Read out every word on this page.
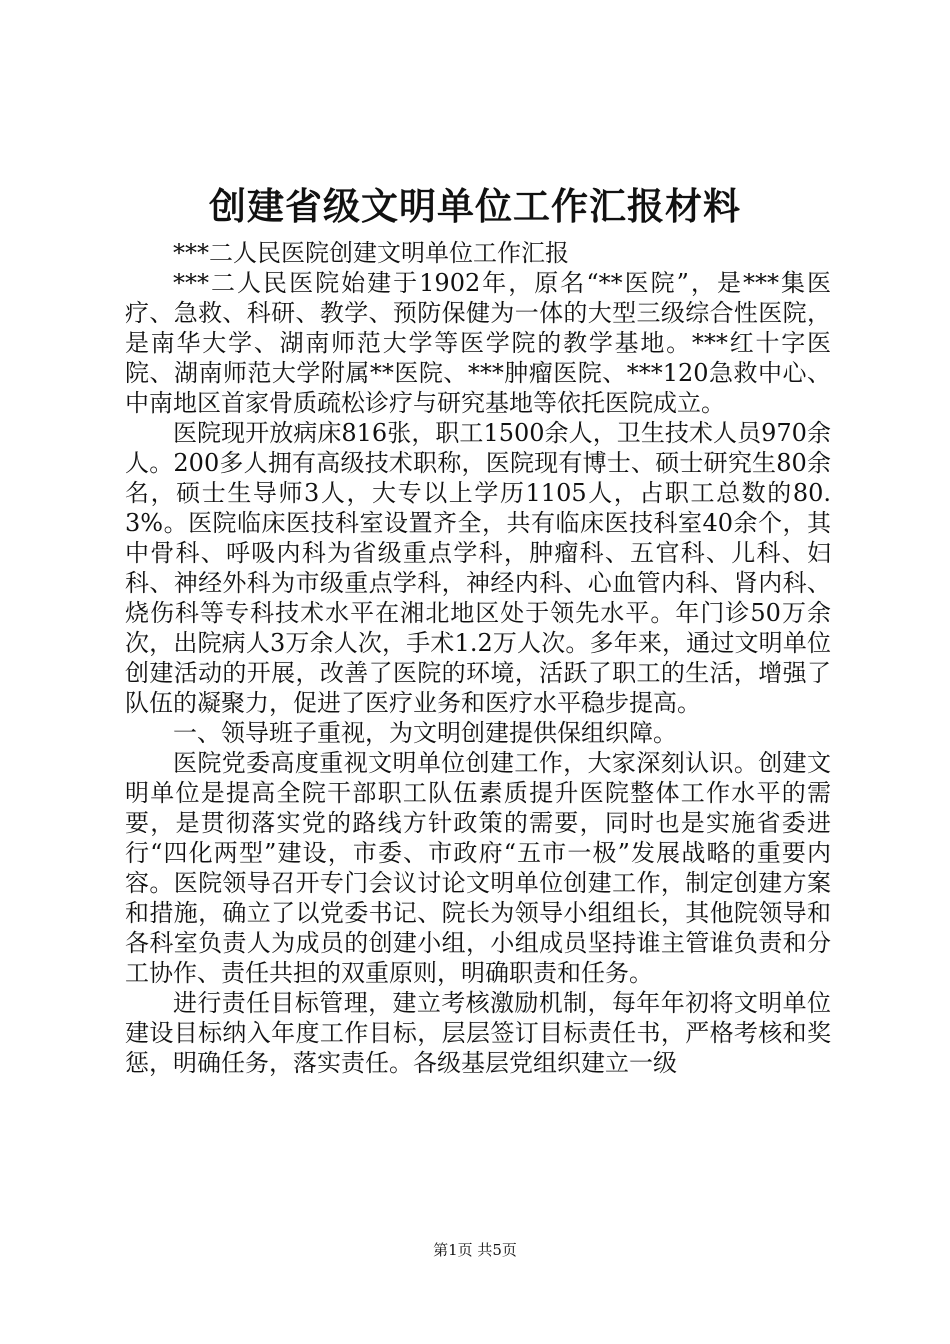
创建省级文明单位工作汇报材料

***二人民医院创建文明单位工作汇报

***二人民医院始建于1902年，原名“**医院”，是***集医疗、急救、科研、教学、预防保健为一体的大型三级综合性医院，是南华大学、湖南师范大学等医学院的教学基地。***红十字医院、湖南师范大学附属**医院、***肿瘤医院、***120急救中心、中南地区首家骨质疏松诊疗与研究基地等依托医院成立。

医院现开放病床816张，职工1500余人，卫生技术人员970余人。200多人拥有高级技术职称，医院现有博士、硕士研究生80余名，硕士生导师3人，大专以上学历1105人，占职工总数的80.3%。医院临床医技科室设置齐全，共有临床医技科室40余个，其中骨科、呼吸内科为省级重点学科，肿瘤科、五官科、儿科、妇科、神经外科为市级重点学科，神经内科、心血管内科、肾内科、烧伤科等专科技术水平在湘北地区处于领先水平。年门诊50万余次，出院病人3万余人次，手术1.2万人次。多年来，通过文明单位创建活动的开展，改善了医院的环境，活跃了职工的生活，增强了队伍的凝聚力，促进了医疗业务和医疗水平稳步提高。

一、领导班子重视，为文明创建提供保组织障。

医院党委高度重视文明单位创建工作，大家深刻认识。创建文明单位是提高全院干部职工队伍素质提升医院整体工作水平的需要，是贯彻落实党的路线方针政策的需要，同时也是实施省委进行“四化两型”建设，市委、市政府“五市一极”发展战略的重要内容。医院领导召开专门会议讨论文明单位创建工作，制定创建方案和措施，确立了以党委书记、院长为领导小组组长，其他院领导和各科室负责人为成员的创建小组，小组成员坚持谁主管谁负责和分工协作、责任共担的双重原则，明确职责和任务。

进行责任目标管理，建立考核激励机制，每年年初将文明单位建设目标纳入年度工作目标，层层签订目标责任书，严格考核和奖惩，明确任务，落实责任。各级基层党组织建立一级

第1页 共5页
